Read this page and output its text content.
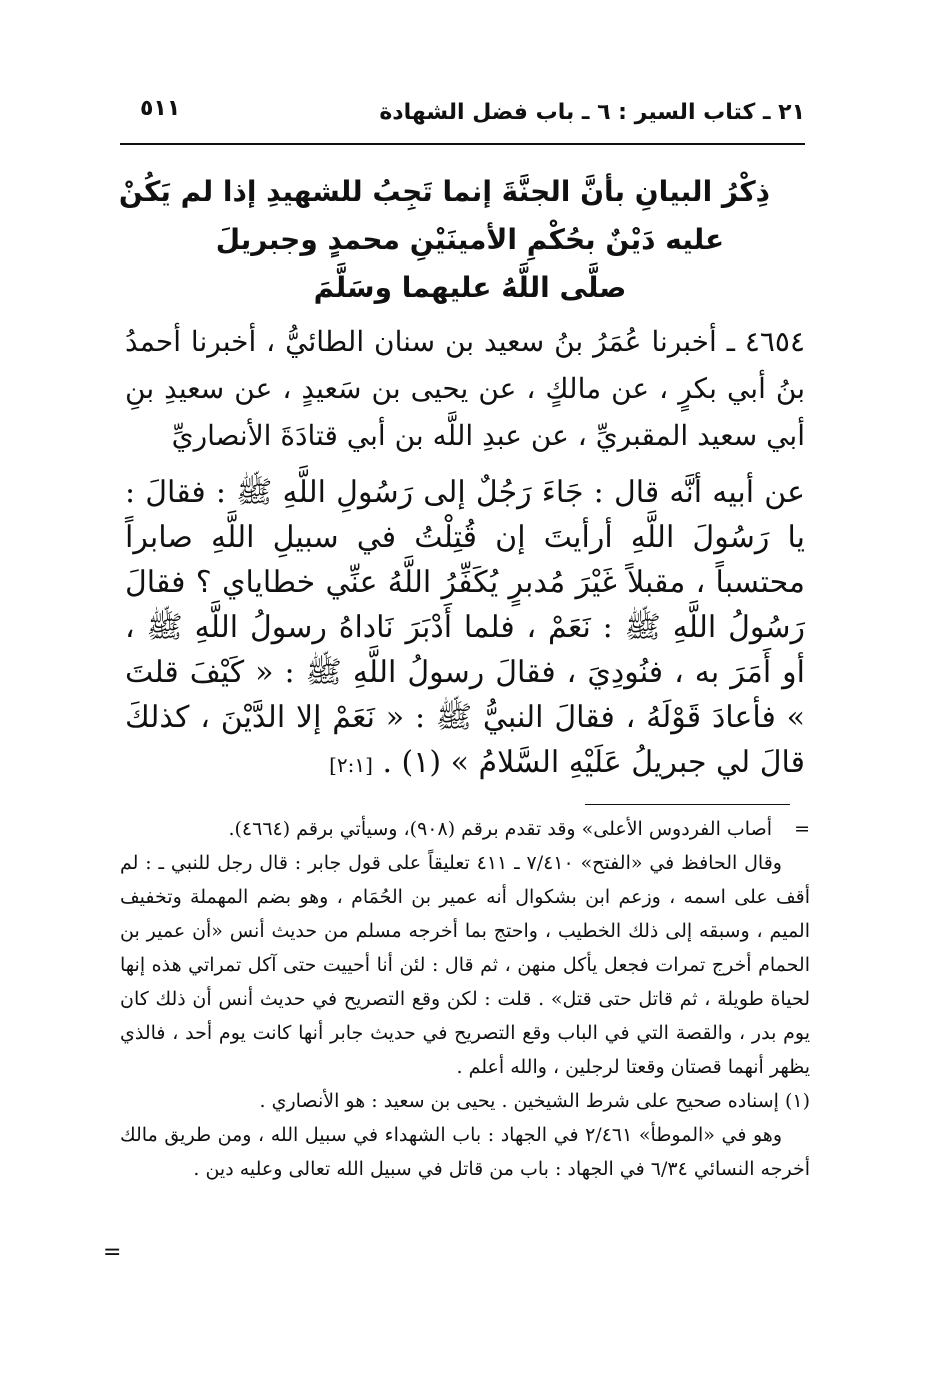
٢١ ـ كتاب السير : ٦ ـ باب فضل الشهادة
٥١١
ذِكْرُ البيانِ بأنَّ الجنَّةَ إنما تَجِبُ للشهيدِ إذا لم يَكُنْ
عليه دَيْنٌ بحُكْمِ الأمينَيْنِ محمدٍ وجبريلَ
صلَّى اللَّهُ عليهما وسَلَّمَ
٤٦٥٤ ـ أخبرنا عُمَرُ بنُ سعيد بن سنان الطائيُّ ، أخبرنا أحمدُ بنُ أبي بكرٍ ، عن مالكٍ ، عن يحيى بن سَعيدٍ ، عن سعيدِ بنِ أبي سعيد المقبريِّ ، عن عبدِ اللَّه بن أبي قتادَةَ الأنصاريِّ
عن أبيه أنَّه قال : جَاءَ رَجُلٌ إلى رَسُولِ اللَّهِ ﷺ : فقالَ : يا رَسُولَ اللَّهِ أرأيتَ إن قُتِلْتُ في سبيلِ اللَّهِ صابراً محتسباً ، مقبلاً غَيْرَ مُدبرٍ يُكَفِّرُ اللَّهُ عنِّي خطاياي ؟ فقالَ رَسُولُ اللَّهِ ﷺ : نَعَمْ ، فلما أَدْبَرَ نَاداهُ رسولُ اللَّهِ ﷺ ، أو أَمَرَ به ، فنُودِيَ ، فقالَ رسولُ اللَّهِ ﷺ : « كَيْفَ قلتَ » فأعادَ قَوْلَهُ ، فقالَ النبيُّ ﷺ : « نَعَمْ إلا الدَّيْنَ ، كذلكَ قالَ لي جبريلُ عَلَيْهِ السَّلامُ » (١) . [٢:١]
=
أصاب الفردوس الأعلى» وقد تقدم برقم (٩٠٨)، وسيأتي برقم (٤٦٦٤).
وقال الحافظ في «الفتح» ٧/٤١٠ ـ ٤١١ تعليقاً على قول جابر : قال رجل للنبي ـ : لم أقف على اسمه ، وزعم ابن بشكوال أنه عمير بن الحُمَام ، وهو بضم المهملة وتخفيف الميم ، وسبقه إلى ذلك الخطيب ، واحتج بما أخرجه مسلم من حديث أنس «أن عمير بن الحمام أخرج تمرات فجعل يأكل منهن ، ثم قال : لئن أنا أحييت حتى آكل تمراتي هذه إنها لحياة طويلة ، ثم قاتل حتى قتل» . قلت : لكن وقع التصريح في حديث أنس أن ذلك كان يوم بدر ، والقصة التي في الباب وقع التصريح في حديث جابر أنها كانت يوم أحد ، فالذي يظهر أنهما قصتان وقعتا لرجلين ، والله أعلم .
(١) إسناده صحيح على شرط الشيخين . يحيى بن سعيد : هو الأنصاري .
وهو في «الموطأ» ٢/٤٦١ في الجهاد : باب الشهداء في سبيل الله ، ومن طريق مالك أخرجه النسائي ٦/٣٤ في الجهاد : باب من قاتل في سبيل الله تعالى وعليه دين .
=
